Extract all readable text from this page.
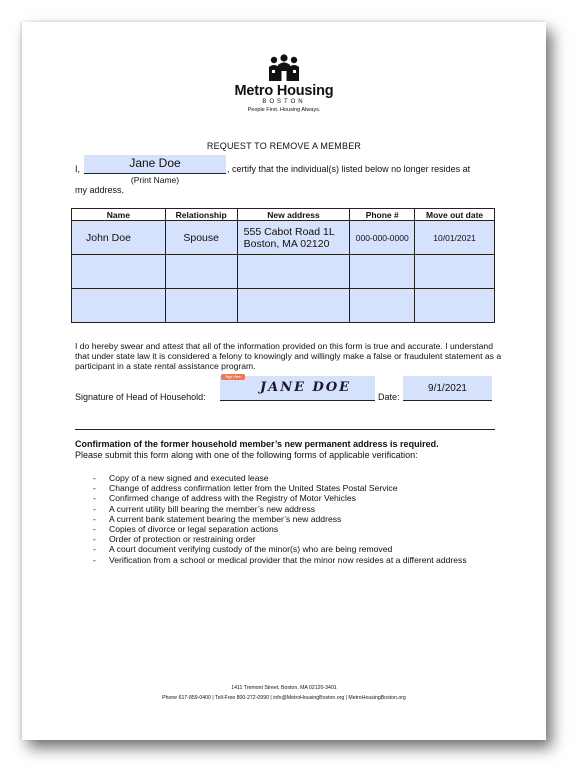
Metro Housing
BOSTON
People First. Housing Always.
REQUEST TO REMOVE A MEMBER
I,	Jane Doe	, certify that the individual(s) listed below no longer resides at
(Print Name)
my address.
Name	Relationship	New address	Phone #	Move out date
John Doe	Spouse	555 Cabot Road 1L
Boston, MA 02120	000-000-0000	10/01/2021

I do hereby swear and attest that all of the information provided on this form is true and accurate. I understand that under state law it is considered a felony to knowingly and willingly make a false or fraudulent statement as a participant in a state rental assistance program.
Signature of Head of Household:
Sign Here
JANE DOE
Date:
9/1/2021
Confirmation of the former household member’s new permanent address is required.
Please submit this form along with one of the following forms of applicable verification:
- Copy of a new signed and executed lease
- Change of address confirmation letter from the United States Postal Service
- Confirmed change of address with the Registry of Motor Vehicles
- A current utility bill bearing the member’s new address
- A current bank statement bearing the member’s new address
- Copies of divorce or legal separation actions
- Order of protection or restraining order
- A court document verifying custody of the minor(s) who are being removed
- Verification from a school or medical provider that the minor now resides at a different address
1411 Tremont Street, Boston, MA 02120-3401
Phone 617-859-0400 | Toll-Free 800-272-0990 | info@MetroHousingBoston.org | MetroHousingBoston.org
